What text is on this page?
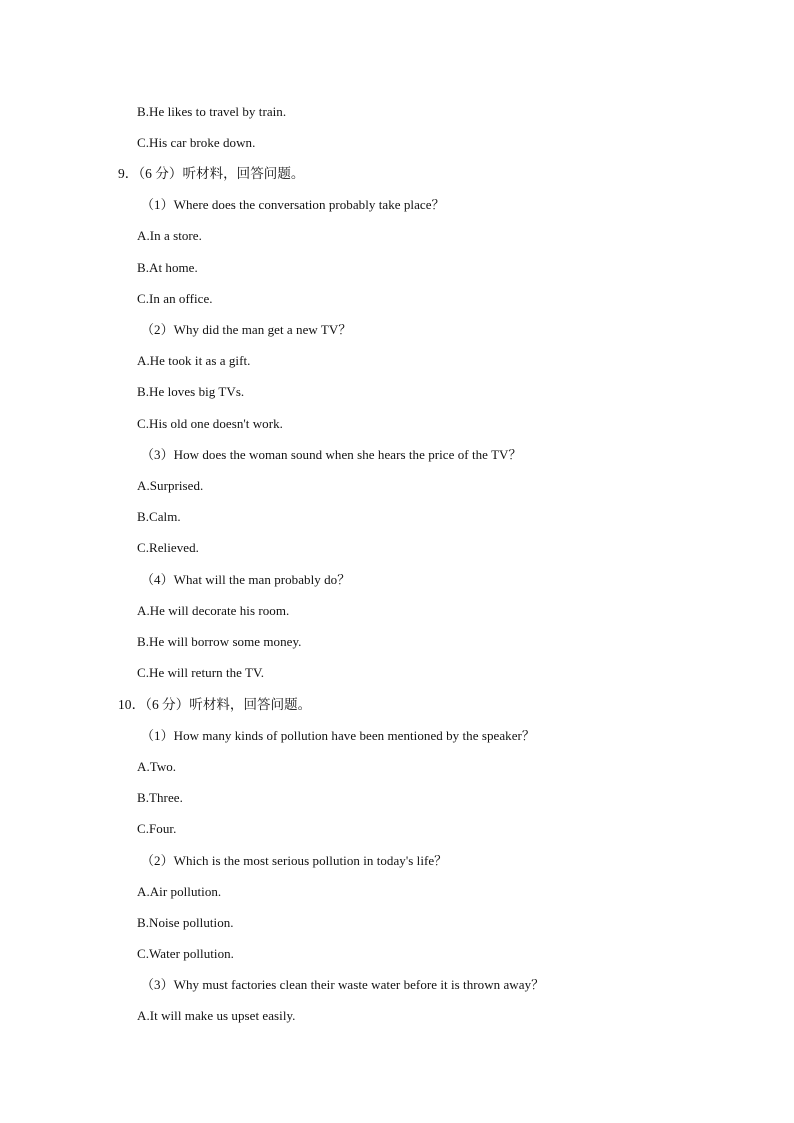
B.He likes to travel by train.
C.His car broke down.
9．（6 分）听材料，回答问题。
（1）Where does the conversation probably take place？
A.In a store.
B.At home.
C.In an office.
（2）Why did the man get a new TV？
A.He took it as a gift.
B.He loves big TVs.
C.His old one doesn't work.
（3）How does the woman sound when she hears the price of the TV？
A.Surprised.
B.Calm.
C.Relieved.
（4）What will the man probably do？
A.He will decorate his room.
B.He will borrow some money.
C.He will return the TV.
10．（6 分）听材料，回答问题。
（1）How many kinds of pollution have been mentioned by the speaker？
A.Two.
B.Three.
C.Four.
（2）Which is the most serious pollution in today's life？
A.Air pollution.
B.Noise pollution.
C.Water pollution.
（3）Why must factories clean their waste water before it is thrown away？
A.It will make us upset easily.
